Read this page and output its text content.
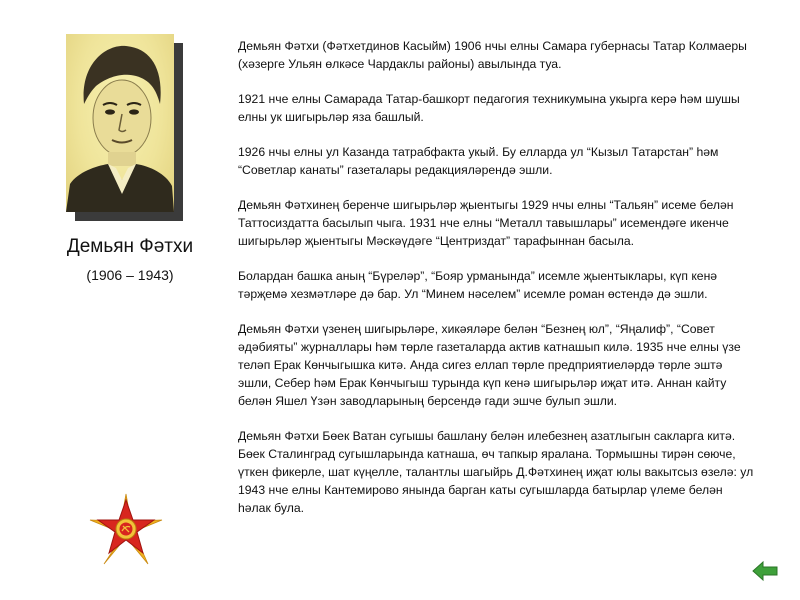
Демьян Фәтхи
(1906 – 1943)

Демьян Фәтхи (Фәтхетдинов Касыйм) 1906 нчы елны Самара губернасы Татар Колмаеры (хәзерге Ульян өлкәсе Чардаклы районы) авылында туа.

1921 нче елны Самарада Татар-башкорт педагогия техникумына укырга керә һәм шушы елны ук шигырьләр яза башлый.

1926 нчы елны ул Казанда татрабфакта укый. Бу елларда ул “Кызыл Татарстан” һәм “Советлар канаты” газеталары редакцияләрендә эшли.

Демьян Фәтхинең беренче шигырьләр җыентыгы 1929 нчы елны “Тальян” исеме белән Таттосиздатта басылып чыга. 1931 нче елны “Металл тавышлары” исемендәге икенче шигырьләр җыентыгы Мәскәүдәге “Центриздат” тарафыннан басыла.

Болардан башка аның “Бүреләр”, “Бояр урманында” исемле җыентыклары, күп кенә тәрҗемә хезмәтләре дә бар. Ул “Минем нәселем” исемле роман өстендә дә эшли.

Демьян Фәтхи үзенең шигырьләре, хикәяләре белән “Безнең юл”, “Яңалиф”, “Совет әдәбияты” журналлары һәм төрле газеталарда актив катнашып килә. 1935 нче елны үзе теләп Ерак Көнчыгышка китә. Анда сигез еллап төрле предприятиеләрдә төрле эштә эшли, Себер һәм Ерак Көнчыгыш турында күп кенә шигырьләр иҗат итә. Аннан кайту белән Яшел Үзән заводларының берсендә гади эшче булып эшли.

Демьян Фәтхи Бөек Ватан сугышы башлану белән илебезнең азатлыгын сакларга китә. Бөек Сталинград сугышларында катнаша, өч тапкыр яралана. Тормышны тирән сөюче, үткен фикерле, шат күңелле, талантлы шагыйрь Д.Фәтхинең иҗат юлы вакытсыз өзелә: ул 1943 нче елны Кантемирово янында барган каты сугышларда батырлар үлеме белән һәлак була.
